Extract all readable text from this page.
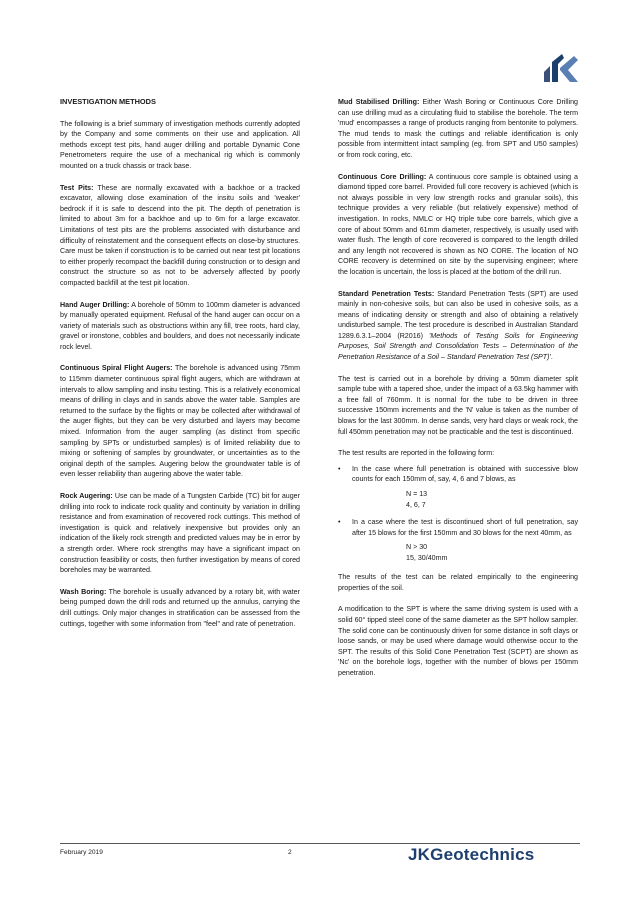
INVESTIGATION METHODS

The following is a brief summary of investigation methods currently adopted by the Company and some comments on their use and application. All methods except test pits, hand auger drilling and portable Dynamic Cone Penetrometers require the use of a mechanical rig which is commonly mounted on a truck chassis or track base.

Test Pits: These are normally excavated with a backhoe or a tracked excavator, allowing close examination of the insitu soils and 'weaker' bedrock if it is safe to descend into the pit. The depth of penetration is limited to about 3m for a backhoe and up to 6m for a large excavator. Limitations of test pits are the problems associated with disturbance and difficulty of reinstatement and the consequent effects on close-by structures. Care must be taken if construction is to be carried out near test pit locations to either properly recompact the backfill during construction or to design and construct the structure so as not to be adversely affected by poorly compacted backfill at the test pit location.

Hand Auger Drilling: A borehole of 50mm to 100mm diameter is advanced by manually operated equipment. Refusal of the hand auger can occur on a variety of materials such as obstructions within any fill, tree roots, hard clay, gravel or ironstone, cobbles and boulders, and does not necessarily indicate rock level.

Continuous Spiral Flight Augers: The borehole is advanced using 75mm to 115mm diameter continuous spiral flight augers, which are withdrawn at intervals to allow sampling and insitu testing. This is a relatively economical means of drilling in clays and in sands above the water table. Samples are returned to the surface by the flights or may be collected after withdrawal of the auger flights, but they can be very disturbed and layers may become mixed. Information from the auger sampling (as distinct from specific sampling by SPTs or undisturbed samples) is of limited reliability due to mixing or softening of samples by groundwater, or uncertainties as to the original depth of the samples. Augering below the groundwater table is of even lesser reliability than augering above the water table.

Rock Augering: Use can be made of a Tungsten Carbide (TC) bit for auger drilling into rock to indicate rock quality and continuity by variation in drilling resistance and from examination of recovered rock cuttings. This method of investigation is quick and relatively inexpensive but provides only an indication of the likely rock strength and predicted values may be in error by a strength order. Where rock strengths may have a significant impact on construction feasibility or costs, then further investigation by means of cored boreholes may be warranted.

Wash Boring: The borehole is usually advanced by a rotary bit, with water being pumped down the drill rods and returned up the annulus, carrying the drill cuttings. Only major changes in stratification can be assessed from the cuttings, together with some information from "feel" and rate of penetration.

Mud Stabilised Drilling: Either Wash Boring or Continuous Core Drilling can use drilling mud as a circulating fluid to stabilise the borehole. The term 'mud' encompasses a range of products ranging from bentonite to polymers. The mud tends to mask the cuttings and reliable identification is only possible from intermittent intact sampling (eg. from SPT and U50 samples) or from rock coring, etc.

Continuous Core Drilling: A continuous core sample is obtained using a diamond tipped core barrel. Provided full core recovery is achieved (which is not always possible in very low strength rocks and granular soils), this technique provides a very reliable (but relatively expensive) method of investigation. In rocks, NMLC or HQ triple tube core barrels, which give a core of about 50mm and 61mm diameter, respectively, is usually used with water flush. The length of core recovered is compared to the length drilled and any length not recovered is shown as NO CORE. The location of NO CORE recovery is determined on site by the supervising engineer; where the location is uncertain, the loss is placed at the bottom of the drill run.

Standard Penetration Tests: Standard Penetration Tests (SPT) are used mainly in non-cohesive soils, but can also be used in cohesive soils, as a means of indicating density or strength and also of obtaining a relatively undisturbed sample. The test procedure is described in Australian Standard 1289.6.3.1–2004 (R2016) 'Methods of Testing Soils for Engineering Purposes, Soil Strength and Consolidation Tests – Determination of the Penetration Resistance of a Soil – Standard Penetration Test (SPT)'.

The test is carried out in a borehole by driving a 50mm diameter split sample tube with a tapered shoe, under the impact of a 63.5kg hammer with a free fall of 760mm. It is normal for the tube to be driven in three successive 150mm increments and the 'N' value is taken as the number of blows for the last 300mm. In dense sands, very hard clays or weak rock, the full 450mm penetration may not be practicable and the test is discontinued.

The test results are reported in the following form:

•	In the case where full penetration is obtained with successive blow counts for each 150mm of, say, 4, 6 and 7 blows, as
N = 13
4, 6, 7
•	In a case where the test is discontinued short of full penetration, say after 15 blows for the first 150mm and 30 blows for the next 40mm, as
N > 30
15, 30/40mm

The results of the test can be related empirically to the engineering properties of the soil.

A modification to the SPT is where the same driving system is used with a solid 60° tipped steel cone of the same diameter as the SPT hollow sampler. The solid cone can be continuously driven for some distance in soft clays or loose sands, or may be used where damage would otherwise occur to the SPT. The results of this Solid Cone Penetration Test (SCPT) are shown as 'Nc' on the borehole logs, together with the number of blows per 150mm penetration.

February 2019	2	JKGeotechnics
